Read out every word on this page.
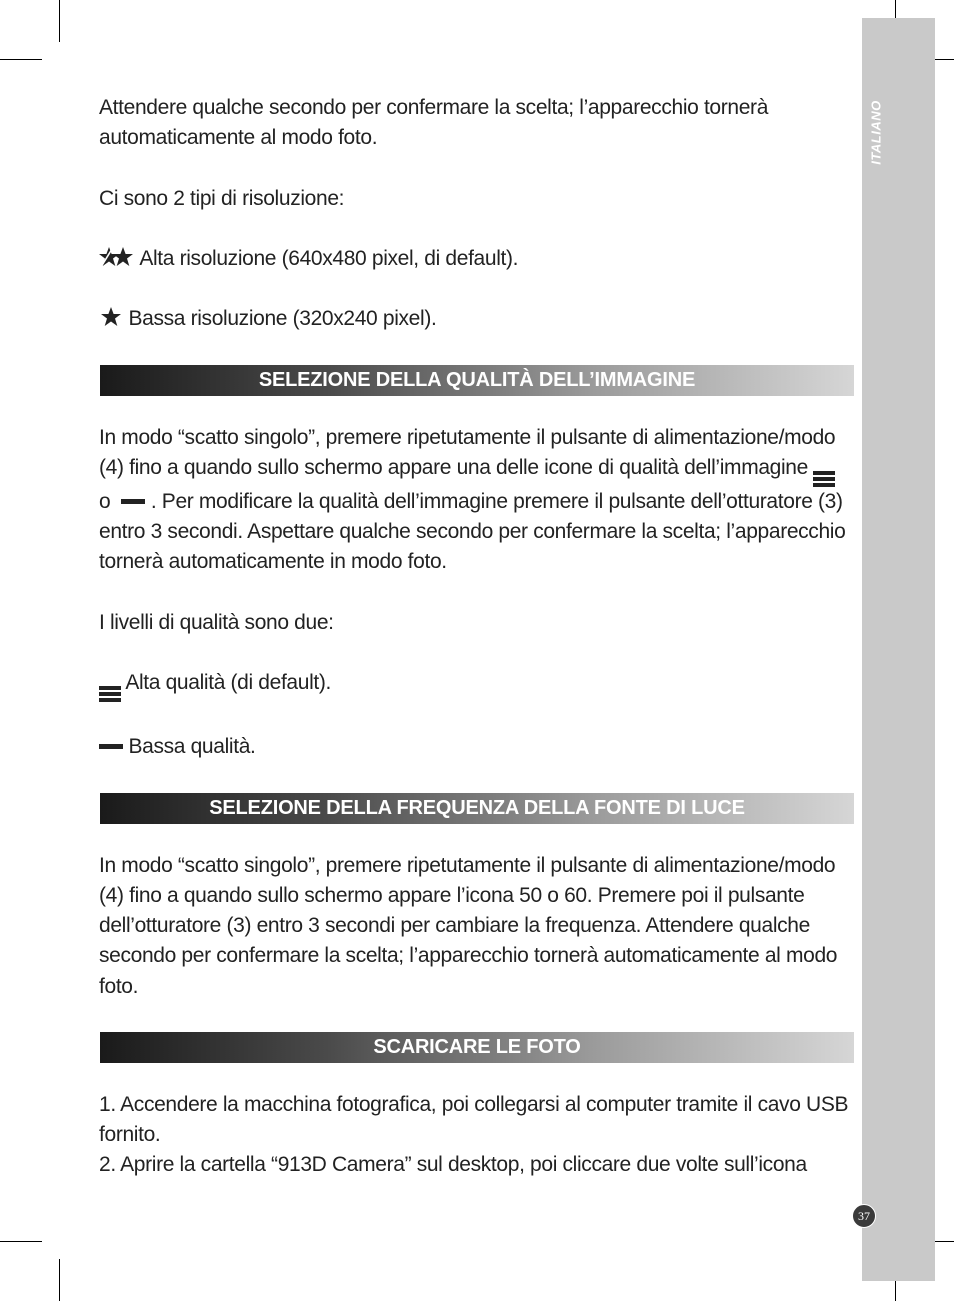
ITALIANO
37

Attendere qualche secondo per confermare la scelta; l’apparecchio tornerà automaticamente al modo foto.

Ci sono 2 tipi di risoluzione:

Alta risoluzione (640x480 pixel, di default).

Bassa risoluzione (320x240 pixel).

SELEZIONE DELLA QUALITÀ DELL’IMMAGINE

In modo “scatto singolo”, premere ripetutamente il pulsante di alimentazione/modo (4) fino a quando sullo schermo appare una delle icone di qualità dell’immagine
o . Per modificare la qualità dell’immagine premere il pulsante dell’otturatore (3) entro 3 secondi. Aspettare qualche secondo per confermare la scelta; l’apparecchio tornerà automaticamente in modo foto.

I livelli di qualità sono due:

Alta qualità (di default).

Bassa qualità.

SELEZIONE DELLA FREQUENZA DELLA FONTE DI LUCE

In modo “scatto singolo”, premere ripetutamente il pulsante di alimentazione/modo (4) fino a quando sullo schermo appare l’icona 50 o 60. Premere poi il pulsante dell’otturatore (3) entro 3 secondi per cambiare la frequenza. Attendere qualche secondo per confermare la scelta; l’apparecchio tornerà automaticamente al modo foto.

SCARICARE LE FOTO

1. Accendere la macchina fotografica, poi collegarsi al computer tramite il cavo USB fornito.

2. Aprire la cartella “913D Camera” sul desktop, poi cliccare due volte sull’icona
